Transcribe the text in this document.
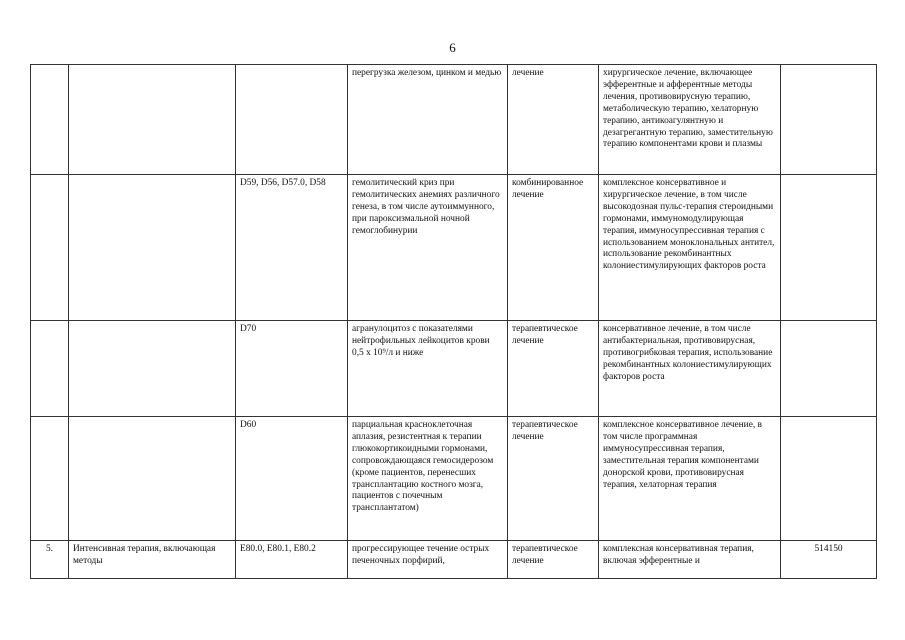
6
			перегрузка железом, цинком и медью	лечение	хирургическое лечение, включающее эфферентные и афферентные методы лечения, противовирусную терапию, метаболическую терапию, хелаторную терапию, антикоагулянтную и дезагрегантную терапию, заместительную терапию компонентами крови и плазмы	
		D59, D56, D57.0, D58	гемолитический криз при гемолитических анемиях различного генеза, в том числе аутоиммунного, при пароксизмальной ночной гемоглобинурии	комбинированное лечение	комплексное консервативное и хирургическое лечение, в том числе высокодозная пульс-терапия стероидными гормонами, иммуномодулирующая терапия, иммуносупрессивная терапия с использованием моноклональных антител, использование рекомбинантных колониестимулирующих факторов роста	
		D70	агранулоцитоз с показателями нейтрофильных лейкоцитов крови 0,5 x 10⁹/л и ниже	терапевтическое лечение	консервативное лечение, в том числе антибактериальная, противовирусная, противогрибковая терапия, использование рекомбинантных колониестимулирующих факторов роста	
		D60	парциальная красноклеточная аплазия, резистентная к терапии глюкокортикоидными гормонами, сопровождающаяся гемосидерозом (кроме пациентов, перенесших трансплантацию костного мозга, пациентов с почечным трансплантатом)	терапевтическое лечение	комплексное консервативное лечение, в том числе программная иммуносупрессивная терапия, заместительная терапия компонентами донорской крови, противовирусная терапия, хелаторная терапия	
5.	Интенсивная терапия, включающая методы	E80.0, E80.1, E80.2	прогрессирующее течение острых печеночных порфирий,	терапевтическое лечение	комплексная консервативная терапия, включая эфферентные и	514150
